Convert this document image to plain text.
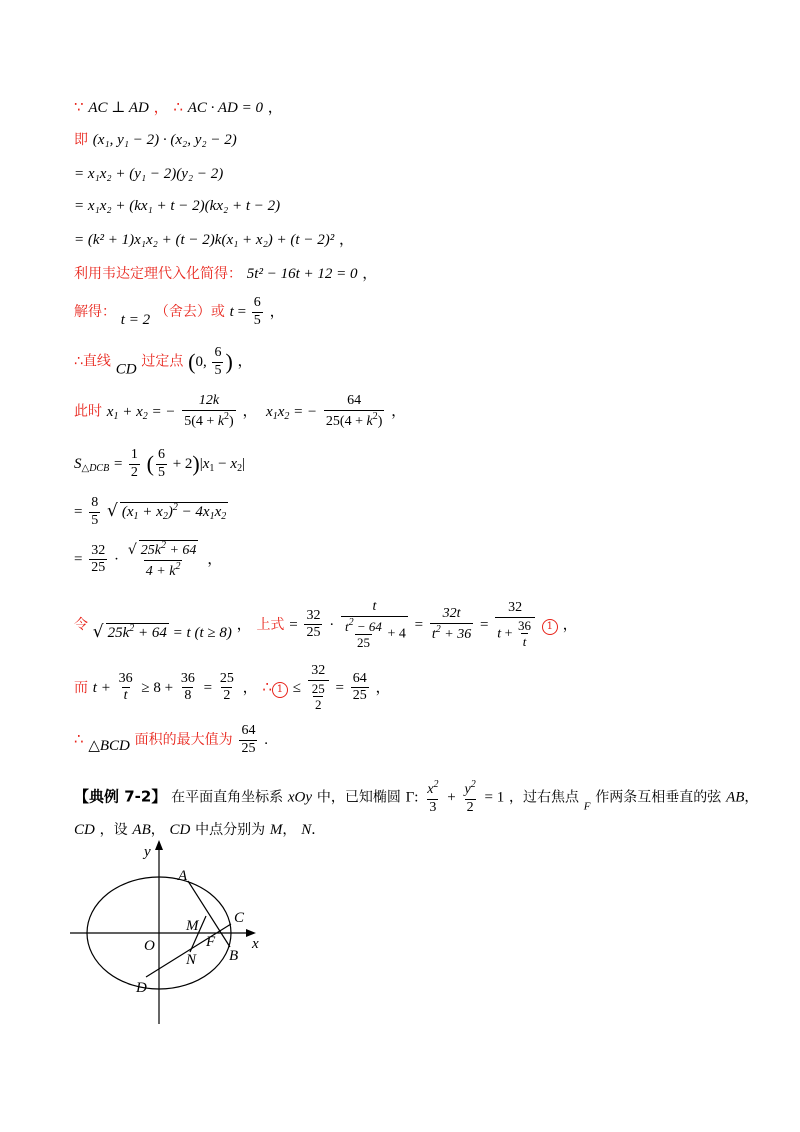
∵ AC ⊥ AD ， ∴ AC · AD = 0 ，
即 (x₁, y₁ − 2) · (x₂, y₂ − 2)
= x₁x₂ + (y₁ − 2)(y₂ − 2)
= x₁x₂ + (kx₁ + t − 2)(kx₂ + t − 2)
= (k² + 1)x₁x₂ + (t − 2)k(x₁ + x₂) + (t − 2)² ，
利用韦达定理代入化简得： 5t² − 16t + 12 = 0 ，
解得： t = 2 （舍去）或 $t = \frac{6}{5}$ ，
∴直线 CD 过定点 (0, $\frac{6}{5}$ ) ，
此时 $x_1 + x_2$ = − $\frac{12k}{5(4 + k^2)}$ ，  $x_1x_2$ = − $\frac{64}{25(4 + k^2)}$ ，
$S_{\triangle DCB} = \frac{1}{2}$ ( $\frac{6}{5} + 2)|x_1 - x_2|$
= $\frac{8}{5}$ √ $(x_1 + x_2)^2 - 4x_1x_2$
= $\frac{32}{25} \cdot \frac{√ 25k^2 + 64}{4 + k^2}$ ，
令 √ $25k^2 + 64 = t$ (t ≥ 8) ， 上式 = $\frac{32}{25} \cdot \frac{t}{\frac{t^2 - 64}{25} + 4} = \frac{32t}{t^2 + 36} = \frac{32}{t + \frac{36}{t}} 1$ ，
而 $t + \frac{36}{t} \ge 8 + \frac{36}{8} = \frac{25}{2}$ ， ∴ $1 \le \frac{32}{\frac{25}{2}} = \frac{64}{25}$ ，
∴ △BCD 面积的最大值为 $\frac{64}{25}$ .
【典例 7-2】 在平面直角坐标系 xOy 中，已知椭圆 Γ: $\frac{x^2}{3} + \frac{y^2}{2} = 1$ ，过右焦点 $_F$ 作两条互相垂直的弦 AB，
CD ，设 AB， CD 中点分别为 M， N．
y
x
O
A
C
M
F
N B
D
